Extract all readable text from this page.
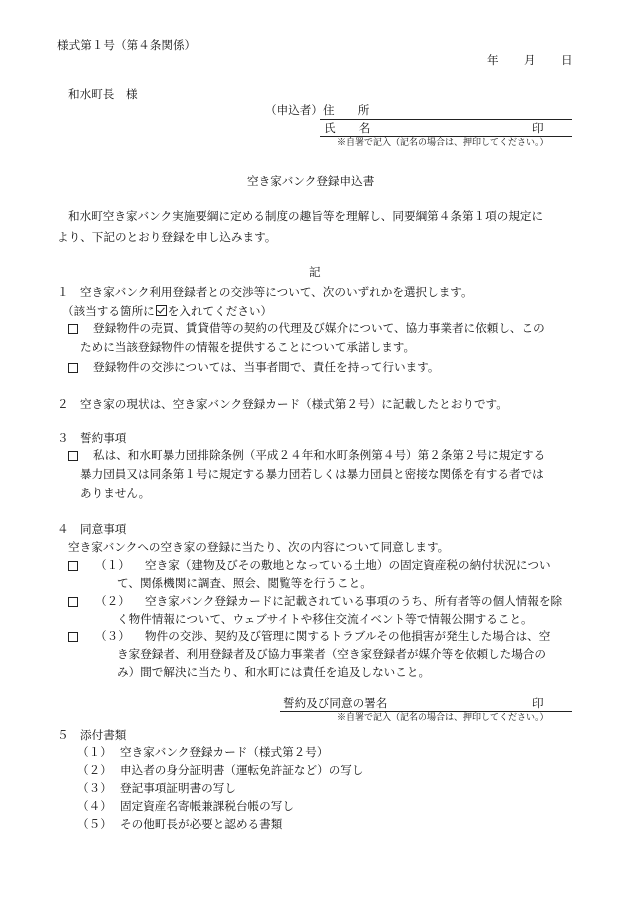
様式第１号（第４条関係）
年 月 日
和水町長　様
（申込者） 住　　所
氏　　名	印
※自署で記入（記名の場合は、押印してください。）
空き家バンク登録申込書
和水町空き家バンク実施要綱に定める制度の趣旨等を理解し、同要綱第４条第１項の規定に
より、下記のとおり登録を申し込みます。
記
１ 空き家バンク利用登録者との交渉等について、次のいずれかを選択します。
（該当する箇所に を入れてください）
登録物件の売買、賃貸借等の契約の代理及び媒介について、協力事業者に依頼し、この
ために当該登録物件の情報を提供することについて承諾します。
登録物件の交渉については、当事者間で、責任を持って行います。
２ 空き家の現状は、空き家バンク登録カード（様式第２号）に記載したとおりです。
３ 誓約事項
私は、和水町暴力団排除条例（平成２４年和水町条例第４号）第２条第２号に規定する
暴力団員又は同条第１号に規定する暴力団若しくは暴力団員と密接な関係を有する者では
ありません。
４ 同意事項
空き家バンクへの空き家の登録に当たり、次の内容について同意します。
（１） 空き家（建物及びその敷地となっている土地）の固定資産税の納付状況につい
て、関係機関に調査、照会、閲覧等を行うこと。
（２） 空き家バンク登録カードに記載されている事項のうち、所有者等の個人情報を除
く物件情報について、ウェブサイトや移住交流イベント等で情報公開すること。
（３） 物件の交渉、契約及び管理に関するトラブルその他損害が発生した場合は、空
き家登録者、利用登録者及び協力事業者（空き家登録者が媒介等を依頼した場合の
み）間で解決に当たり、和水町には責任を追及しないこと。
誓約及び同意の署名	印
※自署で記入（記名の場合は、押印してください。）
５ 添付書類
（１） 空き家バンク登録カード（様式第２号）
（２） 申込者の身分証明書（運転免許証など）の写し
（３） 登記事項証明書の写し
（４） 固定資産名寄帳兼課税台帳の写し
（５） その他町長が必要と認める書類
